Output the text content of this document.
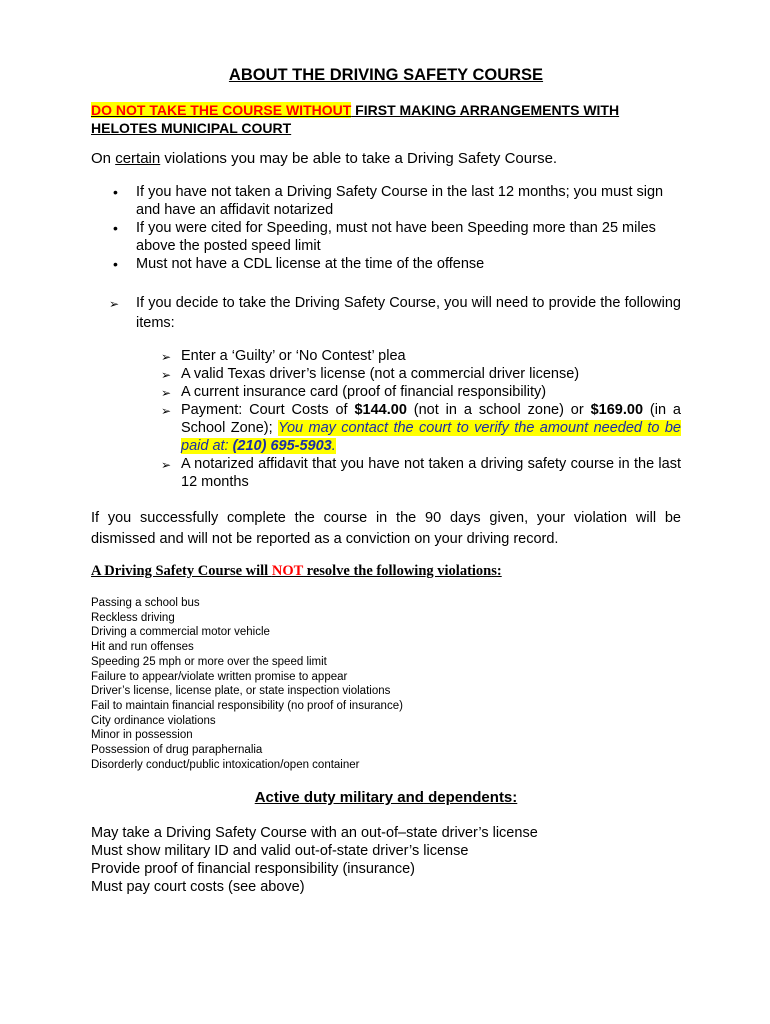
ABOUT THE DRIVING SAFETY COURSE
DO NOT TAKE THE COURSE WITHOUT FIRST MAKING ARRANGEMENTS WITH HELOTES MUNICIPAL COURT
On certain violations you may be able to take a Driving Safety Course.
• If you have not taken a Driving Safety Course in the last 12 months; you must sign and have an affidavit notarized
• If you were cited for Speeding, must not have been Speeding more than 25 miles above the posted speed limit
• Must not have a CDL license at the time of the offense
➢ If you decide to take the Driving Safety Course, you will need to provide the following items:
➢ Enter a ‘Guilty’ or ‘No Contest’ plea
➢ A valid Texas driver’s license (not a commercial driver license)
➢ A current insurance card (proof of financial responsibility)
➢ Payment: Court Costs of $144.00 (not in a school zone) or $169.00 (in a School Zone); You may contact the court to verify the amount needed to be paid at: (210) 695-5903.
➢ A notarized affidavit that you have not taken a driving safety course in the last 12 months
If you successfully complete the course in the 90 days given, your violation will be dismissed and will not be reported as a conviction on your driving record.
A Driving Safety Course will NOT resolve the following violations:
Passing a school bus
Reckless driving
Driving a commercial motor vehicle
Hit and run offenses
Speeding 25 mph or more over the speed limit
Failure to appear/violate written promise to appear
Driver’s license, license plate, or state inspection violations
Fail to maintain financial responsibility (no proof of insurance)
City ordinance violations
Minor in possession
Possession of drug paraphernalia
Disorderly conduct/public intoxication/open container
Active duty military and dependents:
May take a Driving Safety Course with an out-of–state driver’s license
Must show military ID and valid out-of-state driver’s license
Provide proof of financial responsibility (insurance)
Must pay court costs (see above)
